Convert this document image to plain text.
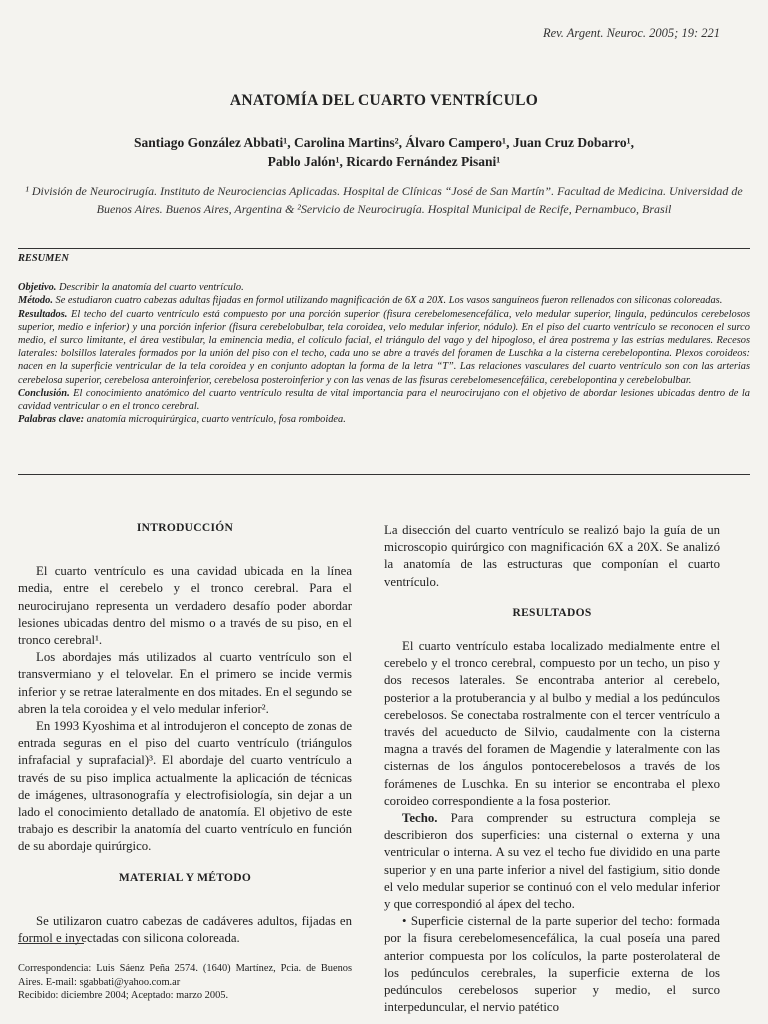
Rev. Argent. Neuroc. 2005; 19: 221
ANATOMÍA DEL CUARTO VENTRÍCULO
Santiago González Abbati¹, Carolina Martins², Álvaro Campero¹, Juan Cruz Dobarro¹,
Pablo Jalón¹, Ricardo Fernández Pisani¹
¹ División de Neurocirugía. Instituto de Neurociencias Aplicadas. Hospital de Clínicas “José de San Martín”. Facultad de Medicina. Universidad de Buenos Aires. Buenos Aires, Argentina & ²Servicio de Neurocirugía. Hospital Municipal de Recife, Pernambuco, Brasil
RESUMEN

Objetivo. Describir la anatomía del cuarto ventrículo.

Método. Se estudiaron cuatro cabezas adultas fijadas en formol utilizando magnificación de 6X a 20X. Los vasos sanguíneos fueron rellenados con siliconas coloreadas.

Resultados. El techo del cuarto ventrículo está compuesto por una porción superior (fisura cerebelomesencefálica, velo medular superior, lingula, pedúnculos cerebelosos superior, medio e inferior) y una porción inferior (fisura cerebelobulbar, tela coroidea, velo medular inferior, nódulo). En el piso del cuarto ventrículo se reconocen el surco medio, el surco limitante, el área vestibular, la eminencia media, el colículo facial, el triángulo del vago y del hipogloso, el área postrema y las estrías medulares. Recesos laterales: bolsillos laterales formados por la unión del piso con el techo, cada uno se abre a través del foramen de Luschka a la cisterna cerebelopontina. Plexos coroideos: nacen en la superficie ventricular de la tela coroidea y en conjunto adoptan la forma de la letra “T”. Las relaciones vasculares del cuarto ventrículo son con las arterias cerebelosa superior, cerebelosa anteroinferior, cerebelosa posteroinferior y con las venas de las fisuras cerebelomesencefálica, cerebelopontina y cerebelobulbar.

Conclusión. El conocimiento anatómico del cuarto ventrículo resulta de vital importancia para el neurocirujano con el objetivo de abordar lesiones ubicadas dentro de la cavidad ventricular o en el tronco cerebral.

Palabras clave: anatomía microquirúrgica, cuarto ventrículo, fosa romboidea.

INTRODUCCIÓN

El cuarto ventrículo es una cavidad ubicada en la línea media, entre el cerebelo y el tronco cerebral. Para el neurocirujano representa un verdadero desafío poder abordar lesiones ubicadas dentro del mismo o a través de su piso, en el tronco cerebral¹.

Los abordajes más utilizados al cuarto ventrículo son el transvermiano y el telovelar. En el primero se incide vermis inferior y se retrae lateralmente en dos mitades. En el segundo se abren la tela coroidea y el velo medular inferior².

En 1993 Kyoshima et al introdujeron el concepto de zonas de entrada seguras en el piso del cuarto ventrículo (triángulos infrafacial y suprafacial)³. El abordaje del cuarto ventrículo a través de su piso implica actualmente la aplicación de técnicas de imágenes, ultrasonografía y electrofisiología, sin dejar a un lado el conocimiento detallado de anatomía. El objetivo de este trabajo es describir la anatomía del cuarto ventrículo en función de su abordaje quirúrgico.

MATERIAL Y MÉTODO

Se utilizaron cuatro cabezas de cadáveres adultos, fijadas en formol e inyectadas con silicona coloreada.

Correspondencia: Luis Sáenz Peña 2574. (1640) Martínez, Pcia. de Buenos Aires. E-mail: sgabbati@yahoo.com.ar
Recibido: diciembre 2004; Aceptado: marzo 2005.

La disección del cuarto ventrículo se realizó bajo la guía de un microscopio quirúrgico con magnificación 6X a 20X. Se analizó la anatomía de las estructuras que componían el cuarto ventrículo.

RESULTADOS

El cuarto ventrículo estaba localizado medialmente entre el cerebelo y el tronco cerebral, compuesto por un techo, un piso y dos recesos laterales. Se encontraba anterior al cerebelo, posterior a la protuberancia y al bulbo y medial a los pedúnculos cerebelosos. Se conectaba rostralmente con el tercer ventrículo a través del acueducto de Silvio, caudalmente con la cisterna magna a través del foramen de Magendie y lateralmente con las cisternas de los ángulos pontocerebelosos a través de los forámenes de Luschka. En su interior se encontraba el plexo coroideo correspondiente a la fosa posterior.

Techo. Para comprender su estructura compleja se describieron dos superficies: una cisternal o externa y una ventricular o interna. A su vez el techo fue dividido en una parte superior y en una parte inferior a nivel del fastigium, sitio donde el velo medular superior se continuó con el velo medular inferior y que correspondió al ápex del techo.

• Superficie cisternal de la parte superior del techo: formada por la fisura cerebelomesencefálica, la cual poseía una pared anterior compuesta por los colículos, la parte posterolateral de los pedúnculos cerebrales, la superficie externa de los pedúnculos cerebelosos superior y medio, el surco interpeduncular, el nervio patético
